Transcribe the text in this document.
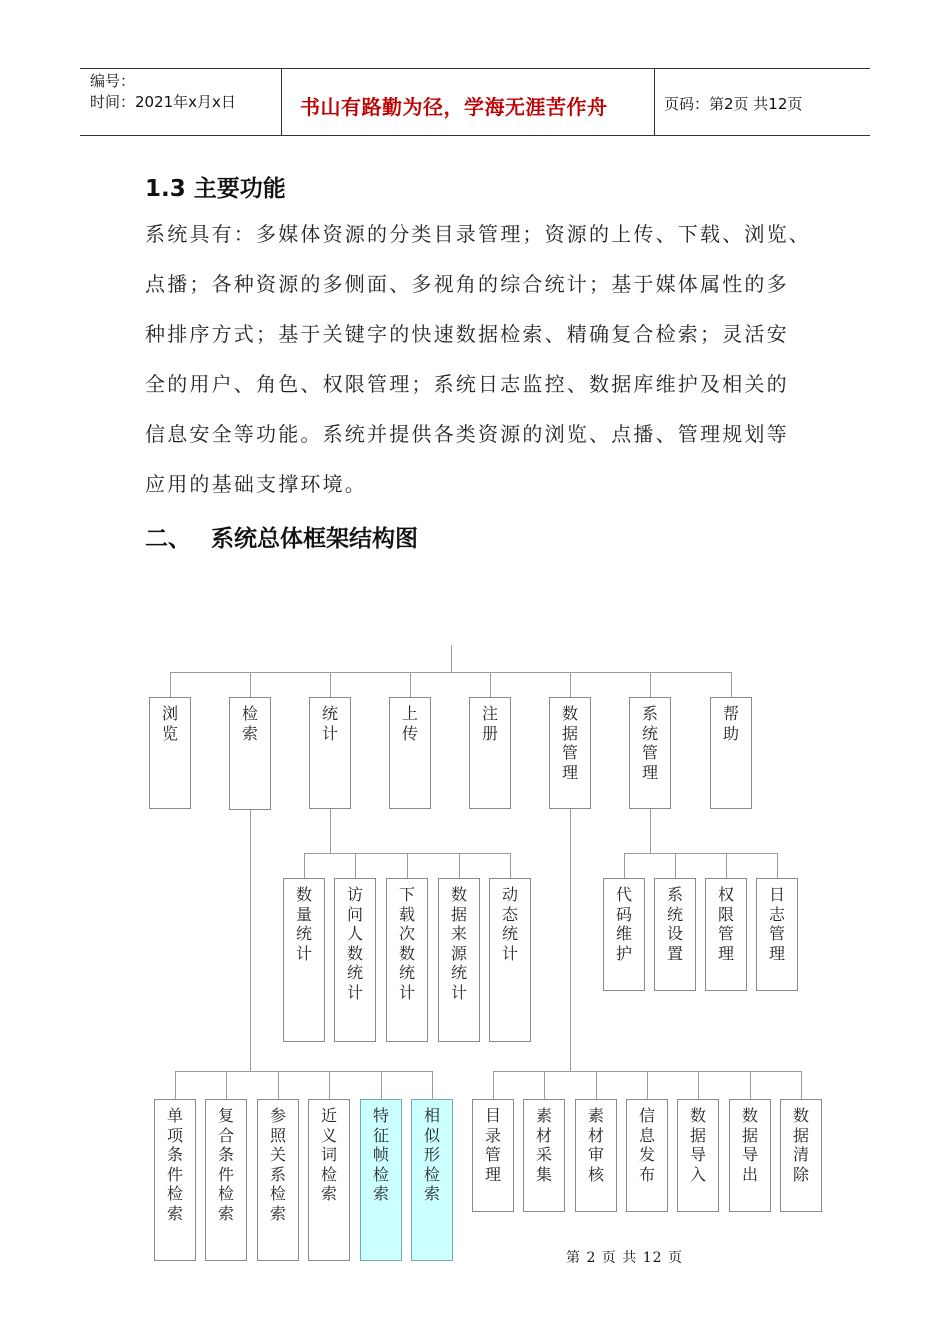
编号：
时间：2021年x月x日	书山有路勤为径，学海无涯苦作舟	页码：第2页 共12页
1.3 主要功能
系统具有：多媒体资源的分类目录管理；资源的上传、下载、浏览、
点播；各种资源的多侧面、多视角的综合统计；基于媒体属性的多
种排序方式；基于关键字的快速数据检索、精确复合检索；灵活安
全的用户、角色、权限管理；系统日志监控、数据库维护及相关的
信息安全等功能。系统并提供各类资源的浏览、点播、管理规划等
应用的基础支撑环境。
二、 系统总体框架结构图
浏览
检索
统计
上传
注册
数据管理
系统管理
帮助
数量统计
访问人数统计
下载次数统计
数据来源统计
动态统计
代码维护
系统设置
权限管理
日志管理
单项条件检索
复合条件检索
参照关系检索
近义词检索
特征帧检索
相似形检索
目录管理
素材采集
素材审核
信息发布
数据导入
数据导出
数据清除
第 2 页 共 12 页
